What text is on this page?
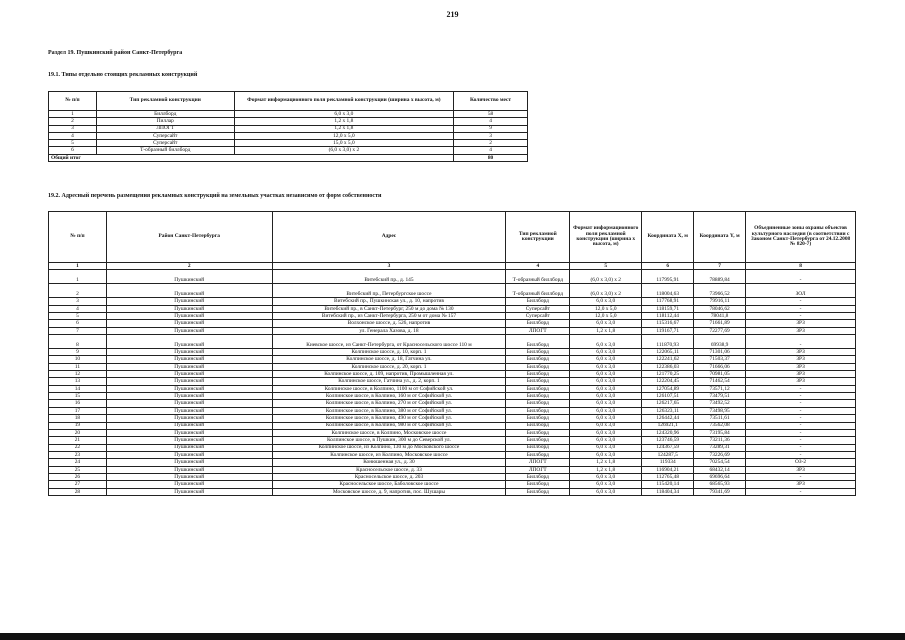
219
Раздел 19. Пушкинский район Санкт-Петербурга
19.1. Типы отдельно стоящих рекламных конструкций
№ п/п	Тип рекламной конструкции	Формат информационного поля рекламной конструкции (ширина х высота, м)	Количество мест
1	Биллборд	6,0 х 3,0	58
2	Пиллар	1,2 х 1,8	4
3	ЛПОГТ	1,2 х 1,8	9
4	Суперсайт	12,0 х 5,0	3
5	Суперсайт	15,0 х 5,0	2
6	Т-образный биллборд	(6,0 х 3,0) х 2	4
Общий итог			80
19.2. Адресный перечень размещения рекламных конструкций на земельных участках независимо от форм собственности
№ п/п	Район Санкт-Петербурга	Адрес	Тип рекламной конструкции	Формат информационного поля рекламной конструкции (ширина х высота, м)	Координата X, м	Координата Y, м	Объединенные зоны охраны объектов культурного наследия (в соответствии с Законом Санкт-Петербурга от 24.12.2008 № 820-7)
1	2	3	4	5	6	7	8
1	Пушкинский	Витебский пр., д. 145	Т-образный биллборд	(6,0 х 3,0) х 2	117995,91	78889,84	-
2	Пушкинский	Витебский пр., Петербургское шоссе	Т-образный биллборд	(6,0 х 3,0) х 2	118004,63	73966,52	ЗОЛ
3	Пушкинский	Витебский пр., Пушкинская ул., д. 10, напротив	Биллборд	6,0 х 3,0	117768,91	79916,11	-
4	Пушкинский	Витебский пр., в Санкт-Петербург, 250 м до дома № 130	Суперсайт	12,0 х 5,0	118159,71	78046,62	-
5	Пушкинский	Витебский пр., из Санкт-Петербурга, 250 м от дома № 157	Суперсайт	12,0 х 5,0	118112,44	78041,8	-
6	Пушкинский	Волхонское шоссе, д. 526, напротив	Биллборд	6,0 х 3,0	115316,67	71661,89	ЗРЗ
7	Пушкинский	ул. Генерала Хазова, д. 18	ЛПОГТ	1,2 х 1,8	119167,71	72277,69	ЗРЗ
8	Пушкинский	Киевское шоссе, из Санкт-Петербурга, от Красносельского шоссе 110 м	Биллборд	6,0 х 3,0	111870,93	69938,9	-
9	Пушкинский	Колпинское шоссе, д. 10, корп. 1	Биллборд	6,0 х 3,0	122065,11	71301,06	ЗРЗ
10	Пушкинский	Колпинское шоссе, д. 18, Гатчина ул.	Биллборд	6,0 х 3,0	122241,62	71503,37	ЗРЗ
11	Пушкинский	Колпинское шоссе, д. 20, корп. 1	Биллборд	6,0 х 3,0	122386,03	71666,06	ЗРЗ
12	Пушкинский	Колпинское шоссе, д. 109, напротив, Промышленная ул.	Биллборд	6,0 х 3,0	121770,25	70981,05	ЗРЗ
13	Пушкинский	Колпинское шоссе, Гатчина ул., д. 2, корп. 1	Биллборд	6,0 х 3,0	122204,45	71462,54	ЗРЗ
14	Пушкинский	Колпинское шоссе, в Колпино, 1100 м от Софийской ул.	Биллборд	6,0 х 3,0	127054,89	73571,12	-
15	Пушкинский	Колпинское шоссе, в Колпино, 160 м от Софийской ул.	Биллборд	6,0 х 3,0	126107,51	73479,51	-
16	Пушкинский	Колпинское шоссе, в Колпино, 270 м от Софийской ул.	Биллборд	6,0 х 3,0	126217,65	73492,52	-
17	Пушкинский	Колпинское шоссе, в Колпино, 380 м от Софийской ул.	Биллборд	6,0 х 3,0	126323,11	73498,95	-
18	Пушкинский	Колпинское шоссе, в Колпино, 490 м от Софийской ул.	Биллборд	6,0 х 3,0	126442,44	73511,61	-
19	Пушкинский	Колпинское шоссе, в Колпино, 980 м от Софийской ул.	Биллборд	6,0 х 3,0	126921,1	73562,08	-
20	Пушкинский	Колпинское шоссе, в Колпино, Московское шоссе	Биллборд	6,0 х 3,0	124320,96	73195,84	-
21	Пушкинский	Колпинское шоссе, в Пушкин, 300 м до Северской ул.	Биллборд	6,0 х 3,0	123746,59	73211,36	-
22	Пушкинский	Колпинское шоссе, из Колпино, 130 м до Московского шоссе	Биллборд	6,0 х 3,0	124367,59	73289,31	-
23	Пушкинский	Колпинское шоссе, из Колпино, Московское шоссе	Биллборд	6,0 х 3,0	124287,5	73226,69	-
24	Пушкинский	Конюшенная ул., д. 30	ЛПОГТ	1,2 х 1,8	119334	70254,54	ОЗ-2
25	Пушкинский	Красносельское шоссе, д. 33	ЛПОГТ	1,2 х 1,8	116904,21	68432,14	ЗРЗ
26	Пушкинский	Красносельское шоссе, д. 203	Биллборд	6,0 х 3,0	112765,48	69696,64	-
27	Пушкинский	Красносельское шоссе, Баболовское шоссе	Биллборд	6,0 х 3,0	115420,14	68565,93	ЗРЗ
28	Пушкинский	Московское шоссе, д. 9, напротив, пос. Шушары	Биллборд	6,0 х 3,0	118404,34	79341,69	-
